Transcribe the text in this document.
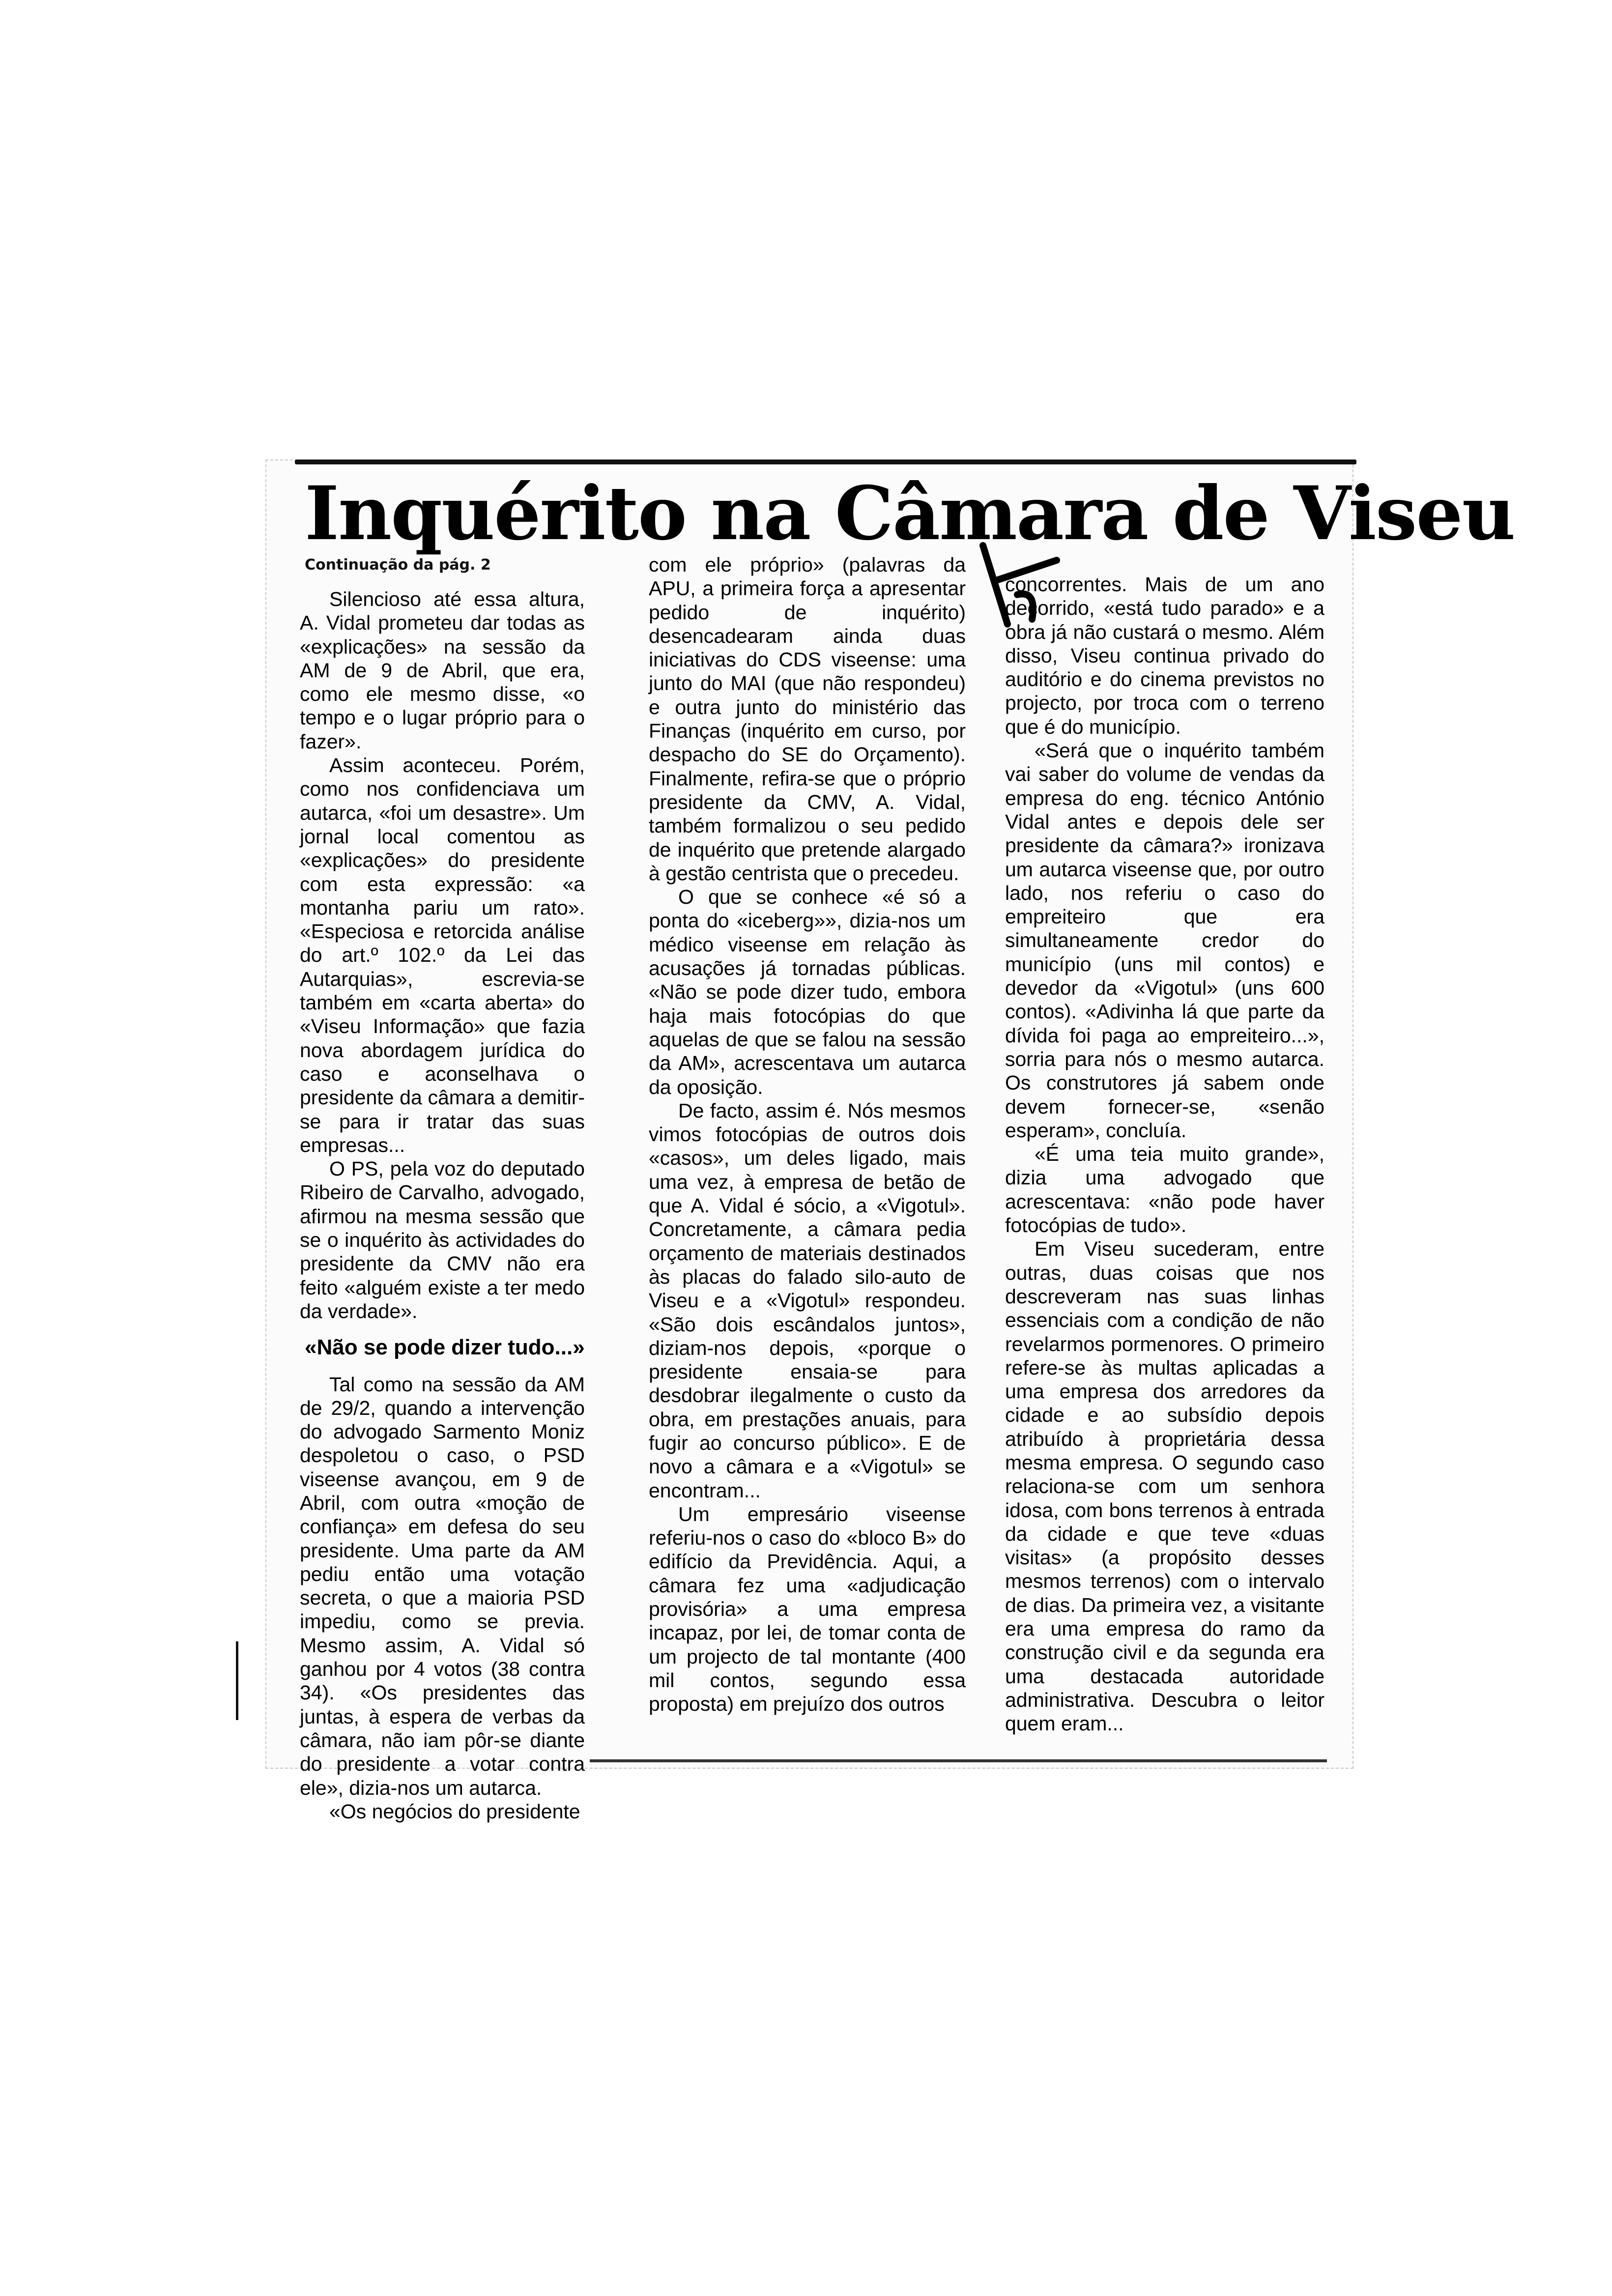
Inquérito na Câmara de Viseu
Continuação da pág. 2

Silencioso até essa altura, A. Vidal prometeu dar todas as «explicações» na sessão da AM de 9 de Abril, que era, como ele mesmo disse, «o tempo e o lugar próprio para o fazer».

Assim aconteceu. Porém, como nos confidenciava um autarca, «foi um desastre». Um jornal local comentou as «explicações» do presidente com esta expressão: «a montanha pariu um rato». «Especiosa e retorcida análise do art.º 102.º da Lei das Autarquias», escrevia-se também em «carta aberta» do «Viseu Informação» que fazia nova abordagem jurídica do caso e aconselhava o presidente da câmara a demitir-se para ir tratar das suas empresas...

O PS, pela voz do deputado Ribeiro de Carvalho, advogado, afirmou na mesma sessão que se o inquérito às actividades do presidente da CMV não era feito «alguém existe a ter medo da verdade».

«Não se pode dizer tudo...»

Tal como na sessão da AM de 29/2, quando a intervenção do advogado Sarmento Moniz despoletou o caso, o PSD viseense avançou, em 9 de Abril, com outra «moção de confiança» em defesa do seu presidente. Uma parte da AM pediu então uma votação secreta, o que a maioria PSD impediu, como se previa. Mesmo assim, A. Vidal só ganhou por 4 votos (38 contra 34). «Os presidentes das juntas, à espera de verbas da câmara, não iam pôr-se diante do presidente a votar contra ele», dizia-nos um autarca.

«Os negócios do presidente

com ele próprio» (palavras da APU, a primeira força a apresentar pedido de inquérito) desencadearam ainda duas iniciativas do CDS viseense: uma junto do MAI (que não respondeu) e outra junto do ministério das Finanças (inquérito em curso, por despacho do SE do Orçamento). Finalmente, refira-se que o próprio presidente da CMV, A. Vidal, também formalizou o seu pedido de inquérito que pretende alargado à gestão centrista que o precedeu.

O que se conhece «é só a ponta do «iceberg»», dizia-nos um médico viseense em relação às acusações já tornadas públicas. «Não se pode dizer tudo, embora haja mais fotocópias do que aquelas de que se falou na sessão da AM», acrescentava um autarca da oposição.

De facto, assim é. Nós mesmos vimos fotocópias de outros dois «casos», um deles ligado, mais uma vez, à empresa de betão de que A. Vidal é sócio, a «Vigotul». Concretamente, a câmara pedia orçamento de materiais destinados às placas do falado silo-auto de Viseu e a «Vigotul» respondeu. «São dois escândalos juntos», diziam-nos depois, «porque o presidente ensaia-se para desdobrar ilegalmente o custo da obra, em prestações anuais, para fugir ao concurso público». E de novo a câmara e a «Vigotul» se encontram...

Um empresário viseense referiu-nos o caso do «bloco B» do edifício da Previdência. Aqui, a câmara fez uma «adjudicação provisória» a uma empresa incapaz, por lei, de tomar conta de um projecto de tal montante (400 mil contos, segundo essa proposta) em prejuízo dos outros

concorrentes. Mais de um ano decorrido, «está tudo parado» e a obra já não custará o mesmo. Além disso, Viseu continua privado do auditório e do cinema previstos no projecto, por troca com o terreno que é do município.

«Será que o inquérito também vai saber do volume de vendas da empresa do eng. técnico António Vidal antes e depois dele ser presidente da câmara?» ironizava um autarca viseense que, por outro lado, nos referiu o caso do empreiteiro que era simultaneamente credor do município (uns mil contos) e devedor da «Vigotul» (uns 600 contos). «Adivinha lá que parte da dívida foi paga ao empreiteiro...», sorria para nós o mesmo autarca. Os construtores já sabem onde devem fornecer-se, «senão esperam», concluía.

«É uma teia muito grande», dizia uma advogado que acrescentava: «não pode haver fotocópias de tudo».

Em Viseu sucederam, entre outras, duas coisas que nos descreveram nas suas linhas essenciais com a condição de não revelarmos pormenores. O primeiro refere-se às multas aplicadas a uma empresa dos arredores da cidade e ao subsídio depois atribuído à proprietária dessa mesma empresa. O segundo caso relaciona-se com um senhora idosa, com bons terrenos à entrada da cidade e que teve «duas visitas» (a propósito desses mesmos terrenos) com o intervalo de dias. Da primeira vez, a visitante era uma empresa do ramo da construção civil e da segunda era uma destacada autoridade administrativa. Descubra o leitor quem eram...
